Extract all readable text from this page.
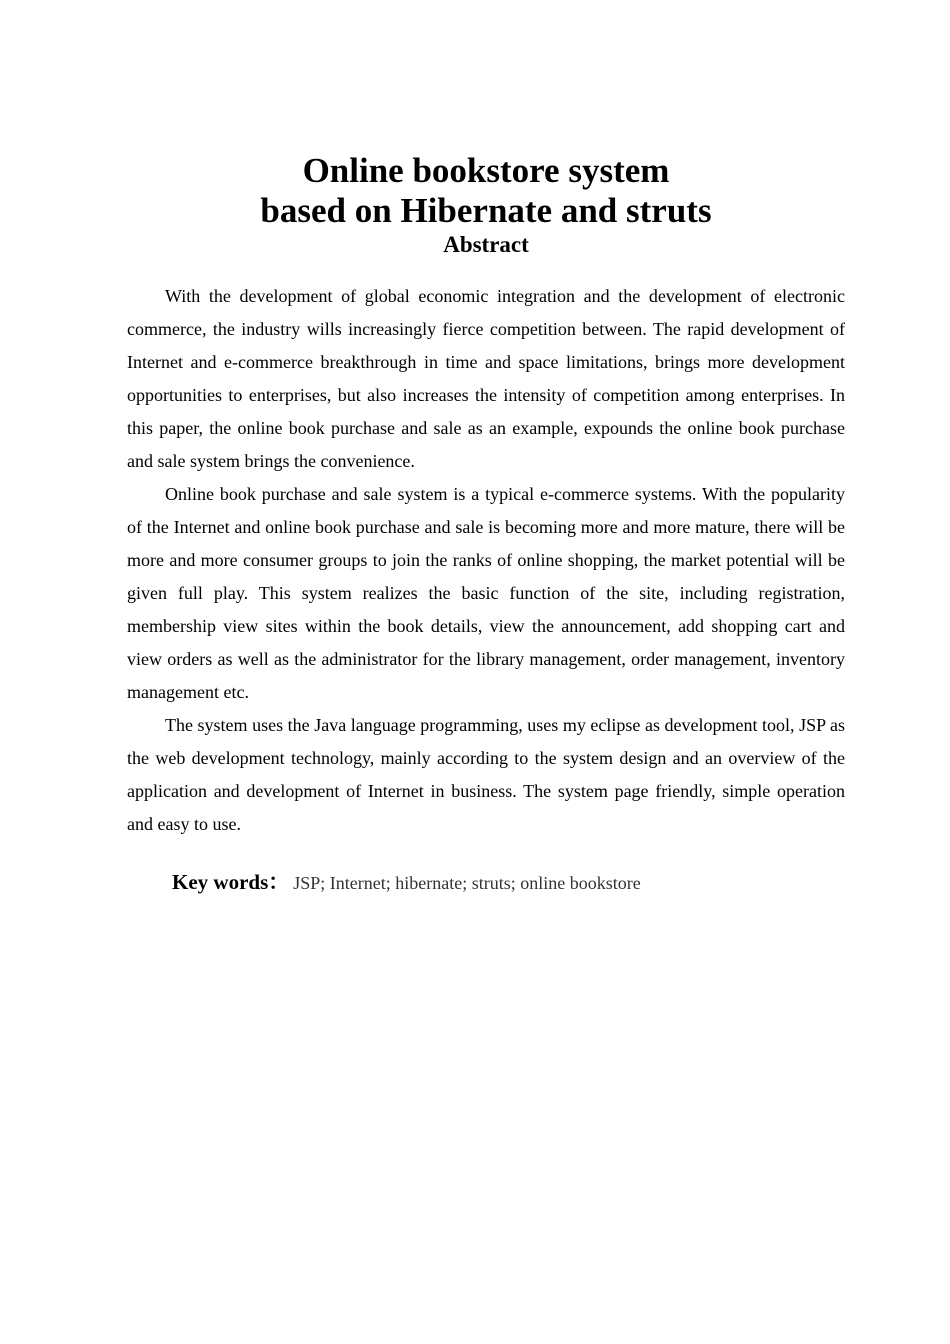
Online bookstore system
based on Hibernate and struts
Abstract

With the development of global economic integration and the development of electronic commerce, the industry wills increasingly fierce competition between. The rapid development of Internet and e-commerce breakthrough in time and space limitations, brings more development opportunities to enterprises, but also increases the intensity of competition among enterprises. In this paper, the online book purchase and sale as an example, expounds the online book purchase and sale system brings the convenience.

Online book purchase and sale system is a typical e-commerce systems. With the popularity of the Internet and online book purchase and sale is becoming more and more mature, there will be more and more consumer groups to join the ranks of online shopping, the market potential will be given full play. This system realizes the basic function of the site, including registration, membership view sites within the book details, view the announcement, add shopping cart and view orders as well as the administrator for the library management, order management, inventory management etc.

The system uses the Java language programming, uses my eclipse as development tool, JSP as the web development technology, mainly according to the system design and an overview of the application and development of Internet in business. The system page friendly, simple operation and easy to use.

Key words： JSP; Internet; hibernate; struts; online bookstore
